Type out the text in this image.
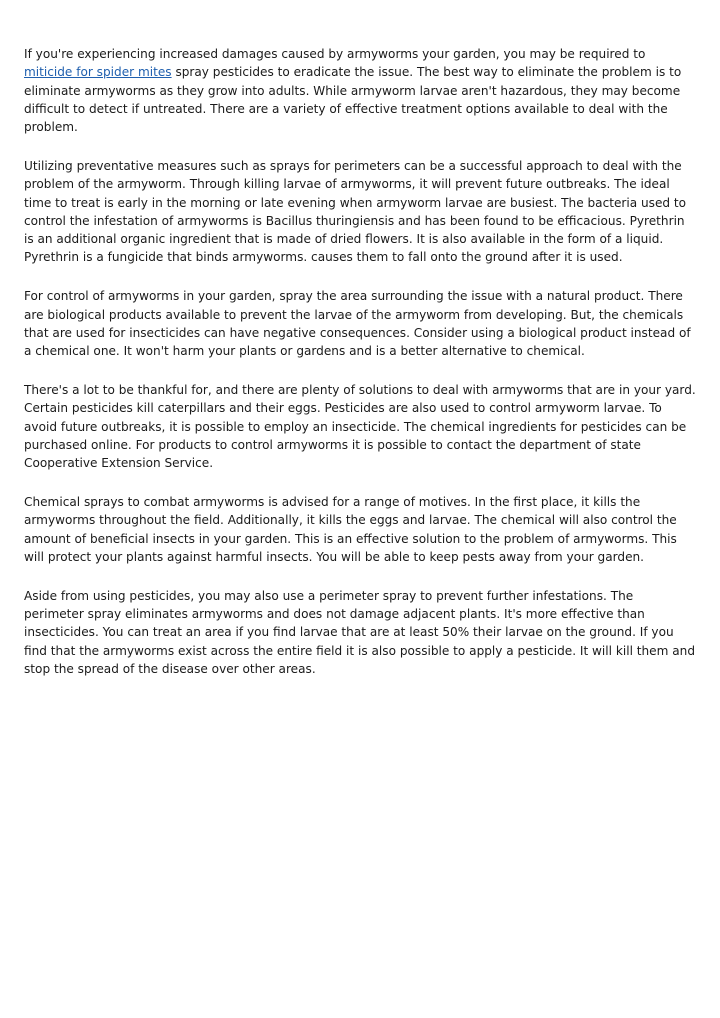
If you're experiencing increased damages caused by armyworms your garden, you may be required to miticide for spider mites spray pesticides to eradicate the issue. The best way to eliminate the problem is to eliminate armyworms as they grow into adults. While armyworm larvae aren't hazardous, they may become difficult to detect if untreated. There are a variety of effective treatment options available to deal with the problem.

Utilizing preventative measures such as sprays for perimeters can be a successful approach to deal with the problem of the armyworm. Through killing larvae of armyworms, it will prevent future outbreaks. The ideal time to treat is early in the morning or late evening when armyworm larvae are busiest. The bacteria used to control the infestation of armyworms is Bacillus thuringiensis and has been found to be efficacious. Pyrethrin is an additional organic ingredient that is made of dried flowers. It is also available in the form of a liquid. Pyrethrin is a fungicide that binds armyworms. causes them to fall onto the ground after it is used.

For control of armyworms in your garden, spray the area surrounding the issue with a natural product. There are biological products available to prevent the larvae of the armyworm from developing. But, the chemicals that are used for insecticides can have negative consequences. Consider using a biological product instead of a chemical one. It won't harm your plants or gardens and is a better alternative to chemical.

There's a lot to be thankful for, and there are plenty of solutions to deal with armyworms that are in your yard. Certain pesticides kill caterpillars and their eggs. Pesticides are also used to control armyworm larvae. To avoid future outbreaks, it is possible to employ an insecticide. The chemical ingredients for pesticides can be purchased online. For products to control armyworms it is possible to contact the department of state Cooperative Extension Service.

Chemical sprays to combat armyworms is advised for a range of motives. In the first place, it kills the armyworms throughout the field. Additionally, it kills the eggs and larvae. The chemical will also control the amount of beneficial insects in your garden. This is an effective solution to the problem of armyworms. This will protect your plants against harmful insects. You will be able to keep pests away from your garden.

Aside from using pesticides, you may also use a perimeter spray to prevent further infestations. The perimeter spray eliminates armyworms and does not damage adjacent plants. It's more effective than insecticides. You can treat an area if you find larvae that are at least 50% their larvae on the ground. If you find that the armyworms exist across the entire field it is also possible to apply a pesticide. It will kill them and stop the spread of the disease over other areas.
